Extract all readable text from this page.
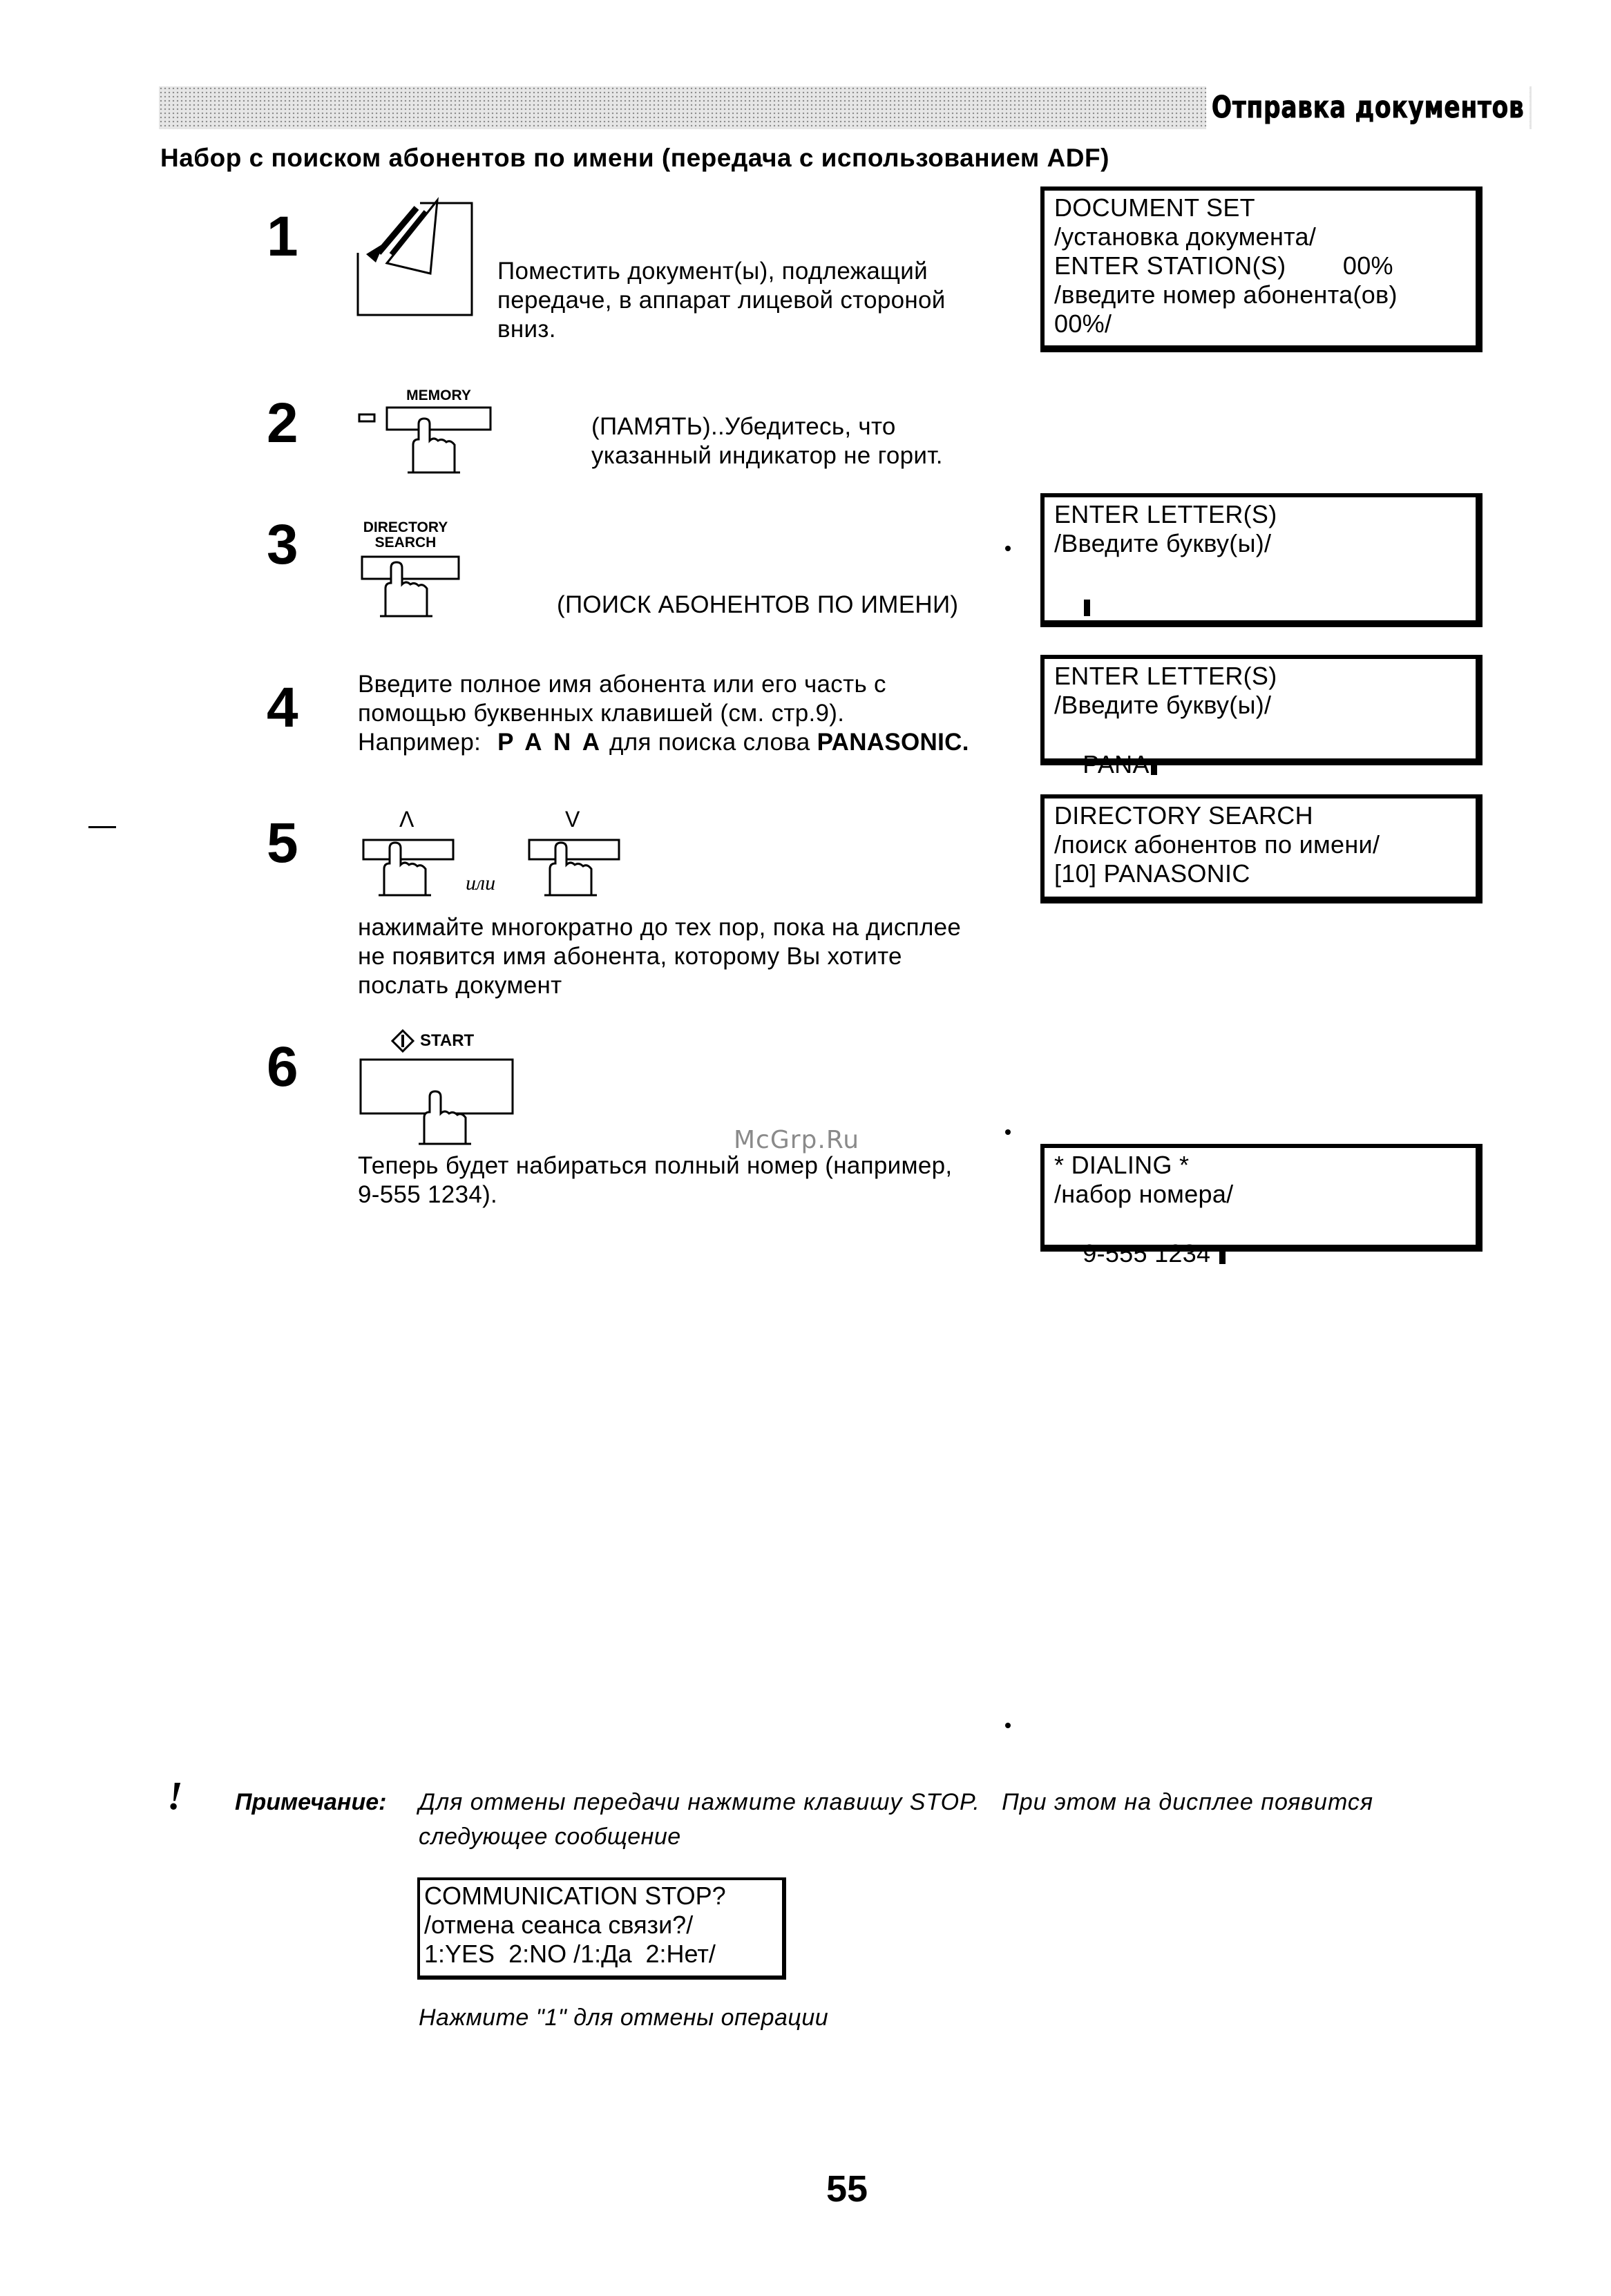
Отправка документов
Набор с поиском абонентов по имени (передача с использованием ADF)
1
Поместить документ(ы), подлежащий передаче, в аппарат лицевой стороной вниз.
2	MEMORY
(ПАМЯТЬ)..Убедитесь, что
указанный индикатор не горит.
3	DIRECTORY
SEARCH
(ПОИСК АБОНЕНТОВ ПО ИМЕНИ)
4 Введите полное имя абонента или его часть с
помощью буквенных клавишей (см. стр.9).
Например: P A N A для поиска слова PANASONIC.
5	Λ
или
V
нажимайте многократно до тех пор, пока на дисплее
не появится имя абонента, которому Вы хотите
послать документ
6	START
McGrp.Ru
Теперь будет набираться полный номер (например,
9-555 1234).
DOCUMENT SET
/установка документа/
ENTER STATION(S)        00%
/введите номер абонента(ов)
00%/
ENTER LETTER(S)
/Введите букву(ы)/

ENTER LETTER(S)
/Введите букву(ы)/

PANA

DIRECTORY SEARCH
/поиск абонентов по имени/
[10] PANASONIC
* DIALING *
/набор номера/

9-555 1234

! Примечание: Для отмены передачи нажмите клавишу STOP.   При этом на дисплее появится
следующее сообщение
COMMUNICATION STOP?
/отмена сеанса связи?/
1:YES  2:NO /1:Да  2:Нет/
Нажмите "1" для отмены операции
55
